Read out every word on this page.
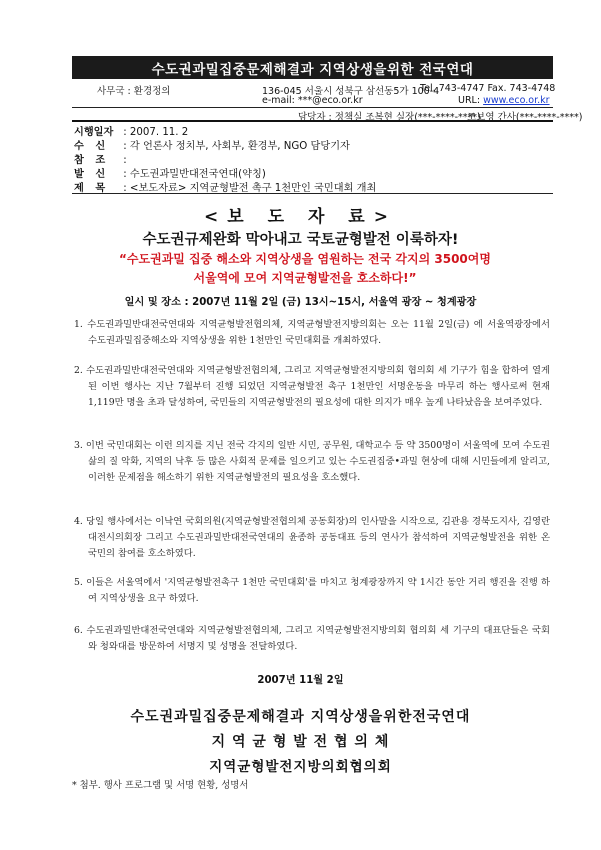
수도권과밀집중문제해결과 지역상생을위한 전국연대
사무국 : 환경정의	136-045 서울시 성북구 삼선동5가 100-4
Tel. 743-4747 Fax. 743-4748
e-mail: ***@eco.or.kr	URL: www.eco.or.kr
담당자 : 정책실 조복현 실장(***-****-****)
조보영 간사(***-****-****)
시행일자 : 2007. 11. 2
수 신 : 각 언론사 정치부, 사회부, 환경부, NGO 담당기자
참 조 :
발 신 : 수도권과밀반대전국연대(약칭)
제 목 : <보도자료> 지역균형발전 촉구 1천만인 국민대회 개최
<보 도 자 료>
수도권규제완화 막아내고 국토균형발전 이룩하자!
“수도권과밀 집중 해소와 지역상생을 염원하는 전국 각지의 3500여명
서울역에 모여 지역균형발전을 호소하다!”
일시 및 장소 : 2007년 11월 2일 (금) 13시~15시, 서울역 광장 ~ 청계광장
1. 수도권과밀반대전국연대와 지역균형발전협의체, 지역균형발전지방의회는 오는 11월 2일(금) 에 서울역광장에서 수도권과밀집중해소와 지역상생을 위한 1천만인 국민대회를 개최하였다.
2. 수도권과밀반대전국연대와 지역균형발전협의체, 그리고 지역균형발전지방의회 협의회 세 기구가 힘을 합하여 열게 된 이번 행사는 지난 7월부터 진행 되었던 지역균형발전 촉구 1천만인 서명운동을 마무리 하는 행사로써 현재 1,119만 명을 초과 달성하여, 국민들의 지역균형발전의 필요성에 대한 의지가 매우 높게 나타났음을 보여주었다.
3. 이번 국민대회는 이런 의지를 지닌 전국 각지의 일반 시민, 공무원, 대학교수 등 약 3500명이 서울역에 모여 수도권 삶의 질 악화, 지역의 낙후 등 많은 사회적 문제를 일으키고 있는 수도권집중•과밀 현상에 대해 시민들에게 알리고, 이러한 문제점을 해소하기 위한 지역균형발전의 필요성을 호소했다.
4. 당일 행사에서는 이낙연 국회의원(지역균형발전협의체 공동회장)의 인사말을 시작으로, 김관용 경북도지사, 김영란 대전시의회장 그리고 수도권과밀반대전국연대의 윤종하 공동대표 등의 연사가 참석하여 지역균형발전을 위한 온 국민의 참여를 호소하였다.
5. 이들은 서울역에서 '지역균형발전촉구 1천만 국민대회'를 마치고 청계광장까지 약 1시간 동안 거리 행진을 진행 하여 지역상생을 요구 하였다.
6. 수도권과밀반대전국연대와 지역균형발전협의체, 그리고 지역균형발전지방의회 협의회 세 기구의 대표단들은 국회와 청와대를 방문하여 서명지 및 성명을 전달하였다.
2007년 11월 2일
수도권과밀집중문제해결과 지역상생을위한전국연대
지 역 균 형 발 전 협 의 체
지역균형발전지방의회협의회
* 첨부. 행사 프로그램 및 서명 현황, 성명서
